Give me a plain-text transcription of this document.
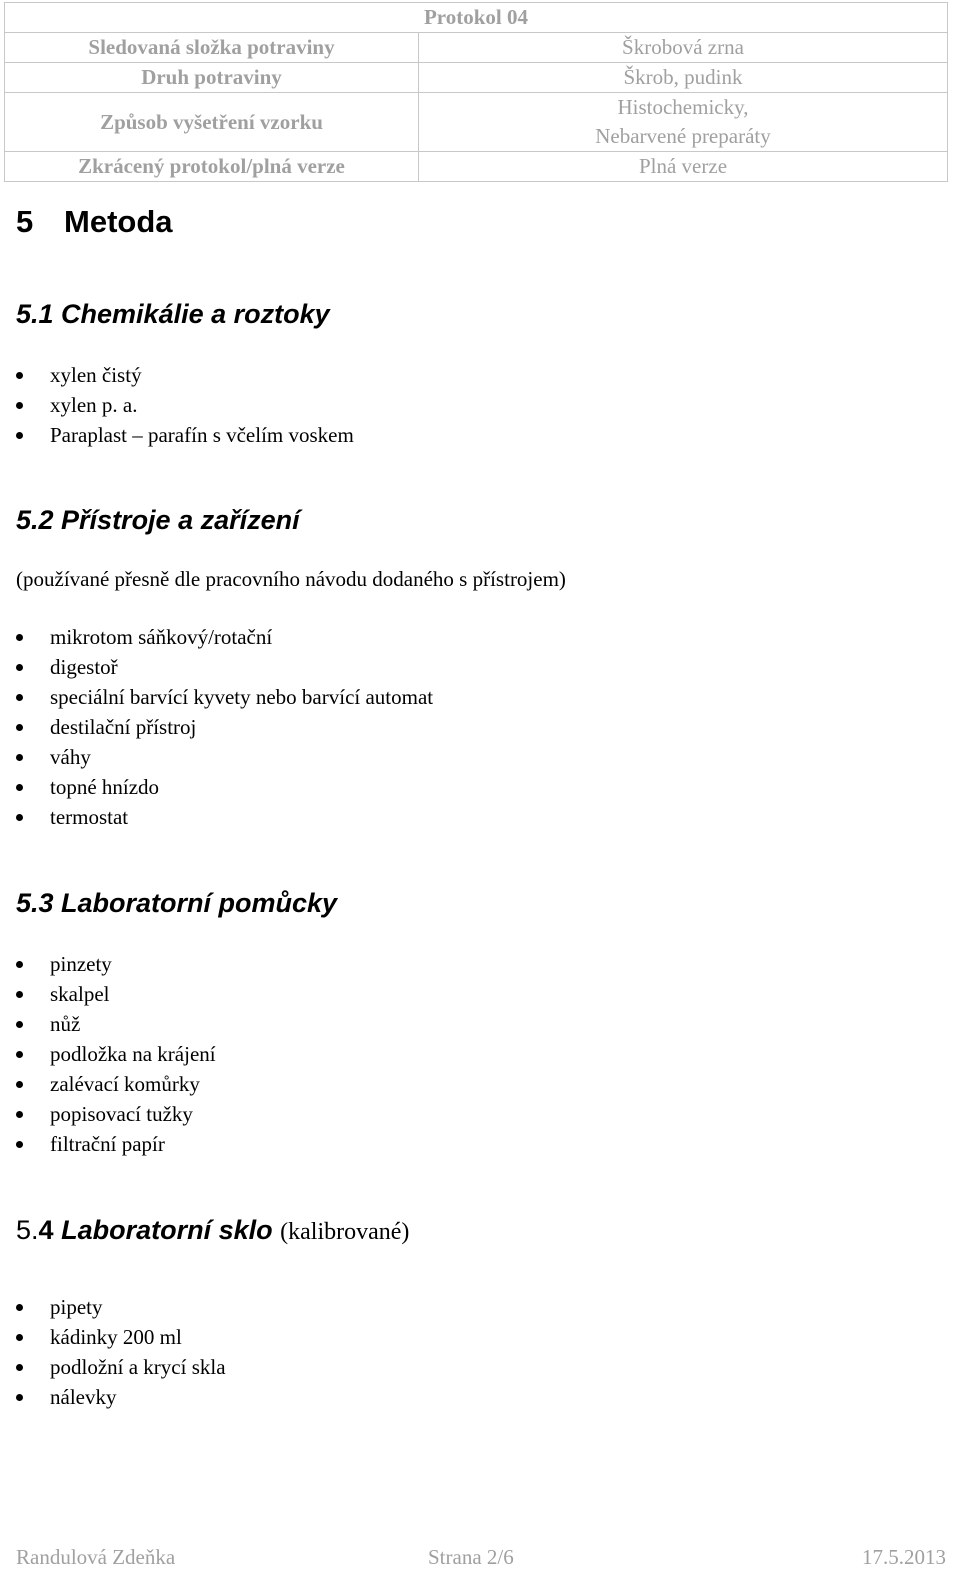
Protokol 04	
Sledovaná složka potraviny	Škrobová zrna
Druh potraviny	Škrob, pudink
Způsob vyšetření vzorku	Histochemicky,
Nebarvené preparáty

Zkrácený protokol/plná verze	Plná verze
5 Metoda
5.1 Chemikálie a roztoky
xylen čistý
xylen p. a.
Paraplast – parafín s včelím voskem
5.2 Přístroje a zařízení
(používané přesně dle pracovního návodu dodaného s přístrojem)
mikrotom sáňkový/rotační
digestoř
speciální barvící kyvety nebo barvící automat
destilační přístroj
váhy
topné hnízdo
termostat
5.3 Laboratorní pomůcky
pinzety
skalpel
nůž
podložka na krájení
zalévací komůrky
popisovací tužky
filtrační papír
5.4 Laboratorní sklo (kalibrované)
pipety
kádinky 200 ml
podložní a krycí skla
nálevky
Randulová Zdeňka	Strana 2/6	17.5.2013
